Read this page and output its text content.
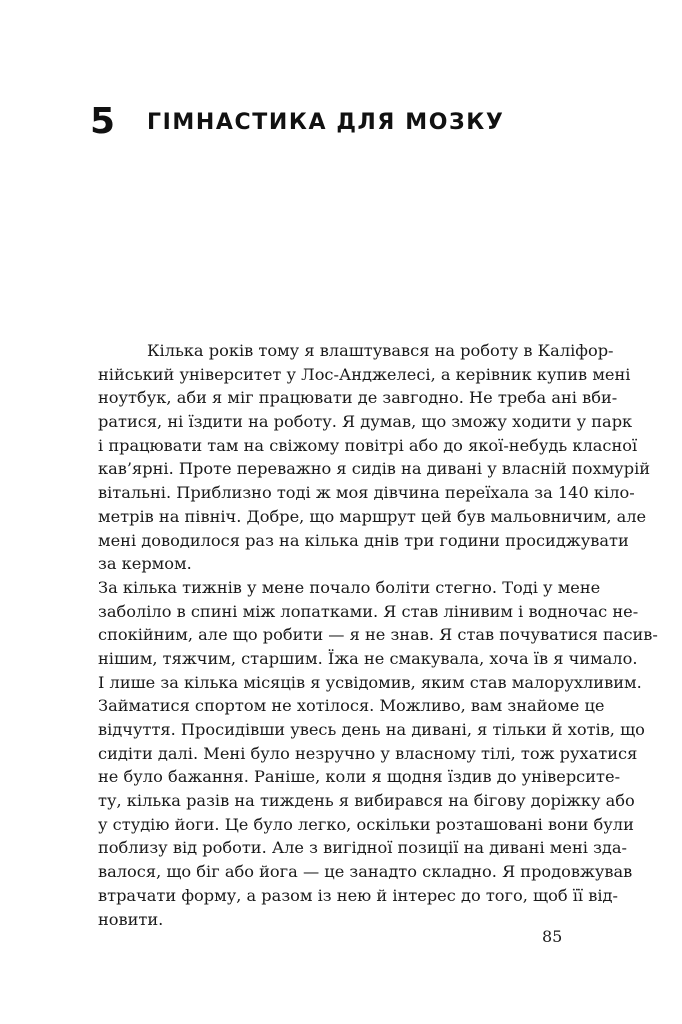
5 ГІМНАСТИКА ДЛЯ МОЗКУ
Кілька років тому я влаштувався на роботу в Каліфор-
нійський університет у Лос-Анджелесі, а керівник купив мені
ноутбук, аби я міг працювати де завгодно. Не треба ані вби-
ратися, ні їздити на роботу. Я думав, що зможу ходити у парк
і працювати там на свіжому повітрі або до якої-небудь класної
кав’ярні. Проте переважно я сидів на дивані у власній похмурій
вітальні. Приблизно тоді ж моя дівчина переїхала за 140 кіло-
метрів на північ. Добре, що маршрут цей був мальовничим, але
мені доводилося раз на кілька днів три години просиджувати
за кермом.
За кілька тижнів у мене почало боліти стегно. Тоді у мене
заболіло в спині між лопатками. Я став лінивим і водночас не-
спокійним, але що робити — я не знав. Я став почуватися пасив-
нішим, тяжчим, старшим. Їжа не смакувала, хоча їв я чимало.
І лише за кілька місяців я усвідомив, яким став малорухливим.
Займатися спортом не хотілося. Можливо, вам знайоме це
відчуття. Просидівши увесь день на дивані, я тільки й хотів, що
сидіти далі. Мені було незручно у власному тілі, тож рухатися
не було бажання. Раніше, коли я щодня їздив до університе-
ту, кілька разів на тиждень я вибирався на бігову доріжку або
у студію йоги. Це було легко, оскільки розташовані вони були
поблизу від роботи. Але з вигідної позиції на дивані мені зда-
валося, що біг або йога — це занадто складно. Я продовжував
втрачати форму, а разом із нею й інтерес до того, щоб її від-
новити.
85
